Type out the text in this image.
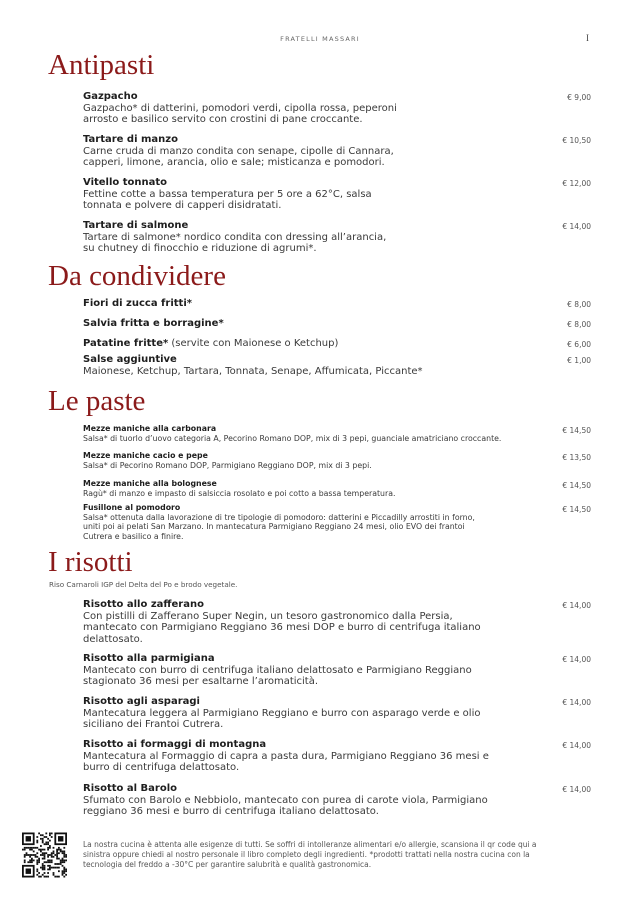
FRATELLI MASSARI	I
Antipasti
Da condividere
Le paste
I risotti
Riso Carnaroli IGP del Delta del Po e brodo vegetale.
Gazpacho
Gazpacho* di datterini, pomodori verdi, cipolla rossa, peperoni
arrosto e basilico servito con crostini di pane croccante.
€ 9,00
Tartare di manzo
Carne cruda di manzo condita con senape, cipolle di Cannara,
capperi, limone, arancia, olio e sale; misticanza e pomodori.
€ 10,50
Vitello tonnato
Fettine cotte a bassa temperatura per 5 ore a 62°C, salsa
tonnata e polvere di capperi disidratati.
€ 12,00
Tartare di salmone
Tartare di salmone* nordico condita con dressing all’arancia,
su chutney di finocchio e riduzione di agrumi*.
€ 14,00
Fiori di zucca fritti*	€ 8,00
Salvia fritta e borragine*	€ 8,00
Patatine fritte* (servite con Maionese o Ketchup)	€ 6,00
Salse aggiuntive
Maionese, Ketchup, Tartara, Tonnata, Senape, Affumicata, Piccante*
€ 1,00
Mezze maniche alla carbonara
Salsa* di tuorlo d’uovo categoria A, Pecorino Romano DOP, mix di 3 pepi, guanciale amatriciano croccante.
€ 14,50
Mezze maniche cacio e pepe
Salsa* di Pecorino Romano DOP, Parmigiano Reggiano DOP, mix di 3 pepi.
€ 13,50
Mezze maniche alla bolognese
Ragù* di manzo e impasto di salsiccia rosolato e poi cotto a bassa temperatura.
€ 14,50
Fusillone al pomodoro
Salsa* ottenuta dalla lavorazione di tre tipologie di pomodoro: datterini e Piccadilly arrostiti in forno,
uniti poi ai pelati San Marzano. In mantecatura Parmigiano Reggiano 24 mesi, olio EVO dei frantoi
Cutrera e basilico a finire.
€ 14,50
Risotto allo zafferano
Con pistilli di Zafferano Super Negin, un tesoro gastronomico dalla Persia,
mantecato con Parmigiano Reggiano 36 mesi DOP e burro di centrifuga italiano
delattosato.
€ 14,00
Risotto alla parmigiana
Mantecato con burro di centrifuga italiano delattosato e Parmigiano Reggiano
stagionato 36 mesi per esaltarne l’aromaticità.
€ 14,00
Risotto agli asparagi
Mantecatura leggera al Parmigiano Reggiano e burro con asparago verde e olio
siciliano dei Frantoi Cutrera.
€ 14,00
Risotto ai formaggi di montagna
Mantecatura al Formaggio di capra a pasta dura, Parmigiano Reggiano 36 mesi e
burro di centrifuga delattosato.
€ 14,00
Risotto al Barolo
Sfumato con Barolo e Nebbiolo, mantecato con purea di carote viola, Parmigiano
reggiano 36 mesi e burro di centrifuga italiano delattosato.
€ 14,00
La nostra cucina è attenta alle esigenze di tutti. Se soffri di intolleranze alimentari e/o allergie, scansiona il qr code qui a
sinistra oppure chiedi al nostro personale il libro completo degli ingredienti. *prodotti trattati nella nostra cucina con la
tecnologia del freddo a -30°C per garantire salubrità e qualità gastronomica.
